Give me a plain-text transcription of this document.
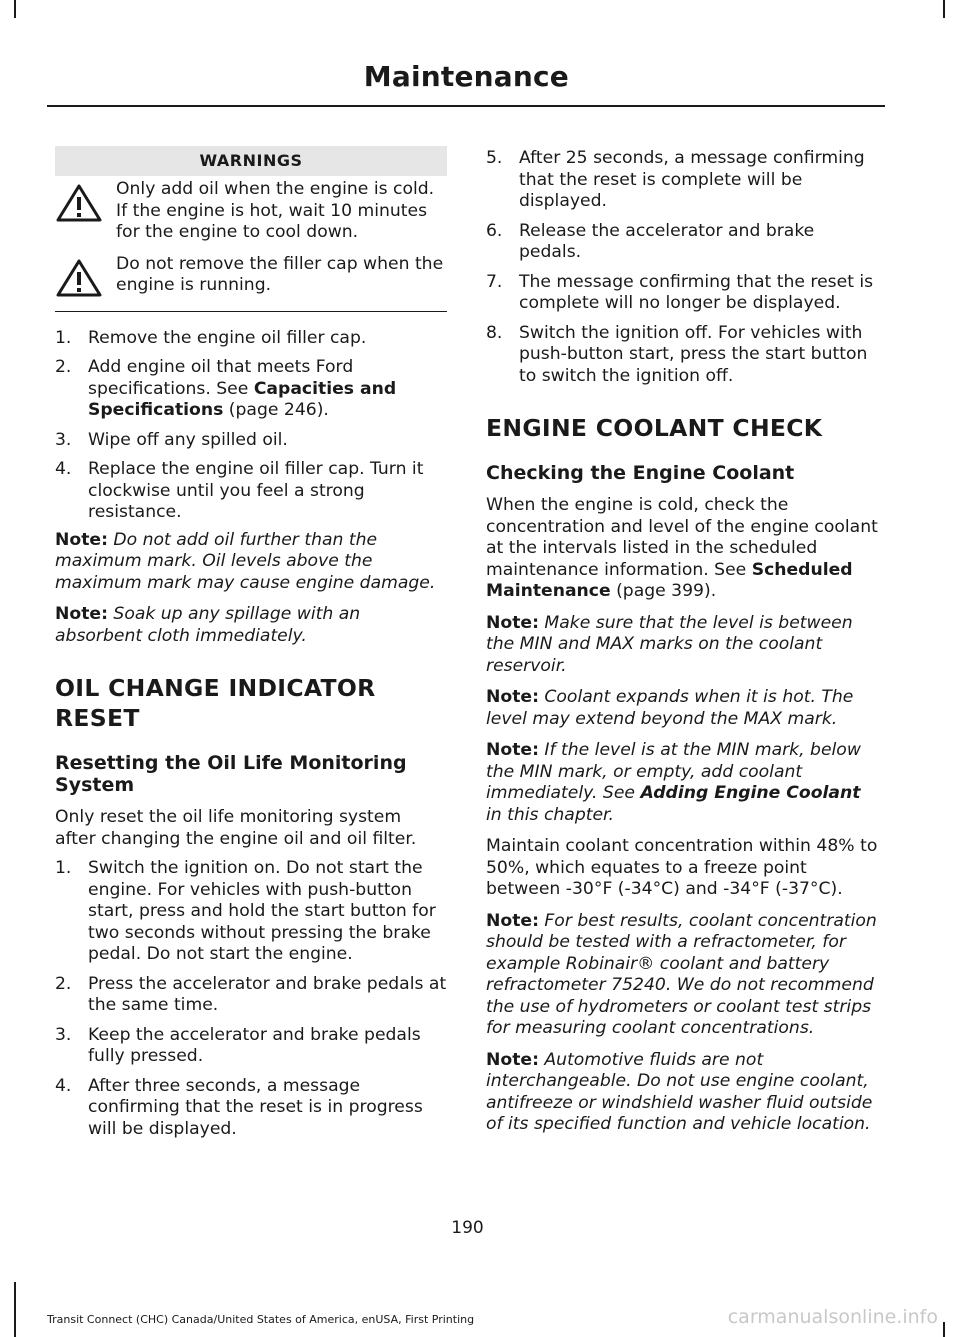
Maintenance
WARNINGS

Only add oil when the engine is cold. If the engine is hot, wait 10 minutes for the engine to cool down.

Do not remove the filler cap when the engine is running.

1. Remove the engine oil filler cap.
2. Add engine oil that meets Ford specifications. See Capacities and Specifications (page 246).
3. Wipe off any spilled oil.
4. Replace the engine oil filler cap. Turn it clockwise until you feel a strong resistance.

Note: Do not add oil further than the maximum mark. Oil levels above the maximum mark may cause engine damage.

Note: Soak up any spillage with an absorbent cloth immediately.

OIL CHANGE INDICATOR
RESET
Resetting the Oil Life Monitoring System

Only reset the oil life monitoring system after changing the engine oil and oil filter.

1. Switch the ignition on. Do not start the engine. For vehicles with push-button start, press and hold the start button for two seconds without pressing the brake pedal. Do not start the engine.
2. Press the accelerator and brake pedals at the same time.
3. Keep the accelerator and brake pedals fully pressed.
4. After three seconds, a message confirming that the reset is in progress will be displayed.
5. After 25 seconds, a message confirming that the reset is complete will be displayed.
6. Release the accelerator and brake pedals.
7. The message confirming that the reset is complete will no longer be displayed.
8. Switch the ignition off. For vehicles with push-button start, press the start button to switch the ignition off.
ENGINE COOLANT CHECK
Checking the Engine Coolant

When the engine is cold, check the concentration and level of the engine coolant at the intervals listed in the scheduled maintenance information. See Scheduled Maintenance (page 399).

Note: Make sure that the level is between the MIN and MAX marks on the coolant reservoir.

Note: Coolant expands when it is hot. The level may extend beyond the MAX mark.

Note: If the level is at the MIN mark, below the MIN mark, or empty, add coolant immediately. See Adding Engine Coolant in this chapter.

Maintain coolant concentration within 48% to 50%, which equates to a freeze point between -30°F (-34°C) and -34°F (-37°C).

Note: For best results, coolant concentration should be tested with a refractometer, for example Robinair® coolant and battery refractometer 75240. We do not recommend the use of hydrometers or coolant test strips for measuring coolant concentrations.

Note: Automotive fluids are not interchangeable. Do not use engine coolant, antifreeze or windshield washer fluid outside of its specified function and vehicle location.

190
Transit Connect (CHC) Canada/United States of America, enUSA, First Printing	carmanualsonline.info
